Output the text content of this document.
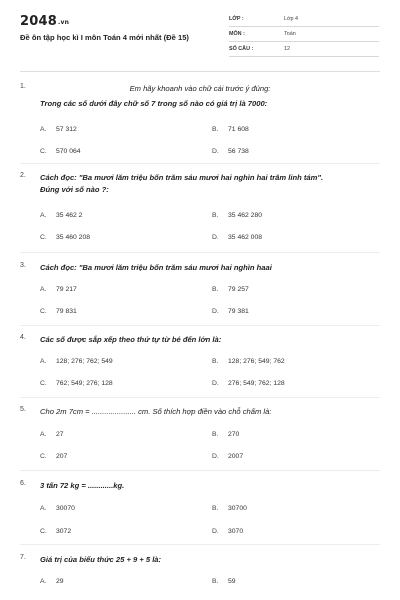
2048.vn
Đề ôn tập học kì I môn Toán 4 mới nhất (Đề 15)
LỚP :	Lớp 4
MÔN :	Toán
SỐ CÂU :	12
1.	Em hãy khoanh vào chữ cái trước ý đúng:
Trong các số dưới đây chữ số 7 trong số nào có giá trị là 7000:
A. 57 312	B. 71 608
C. 570 064	D. 56 738
2. Cách đọc: "Ba mươi lăm triệu bốn trăm sáu mươi hai nghìn hai trăm linh tám".
Đúng với số nào ?:
A. 35 462 2	B. 35 462 280
C. 35 460 208	D. 35 462 008
3. Cách đọc: "Ba mươi lăm triệu bốn trăm sáu mươi hai nghìn haai
A. 79 217	B. 79 257
C. 79 831	D. 79 381
4. Các số được sắp xếp theo thứ tự từ bé đến lớn là:
A. 128; 276; 762; 549	B. 128; 276; 549; 762
C. 762; 549; 276; 128	D. 276; 549; 762; 128
5. Cho 2m 7cm = ..................... cm. Số thích hợp điền vào chỗ chấm là:
A. 27	B. 270
C. 207	D. 2007
6. 3 tấn 72 kg = ............kg.
A. 30070	B. 30700
C. 3072	D. 3070
7. Giá trị của biểu thức 25 + 9 + 5 là:
A. 29	B. 59
